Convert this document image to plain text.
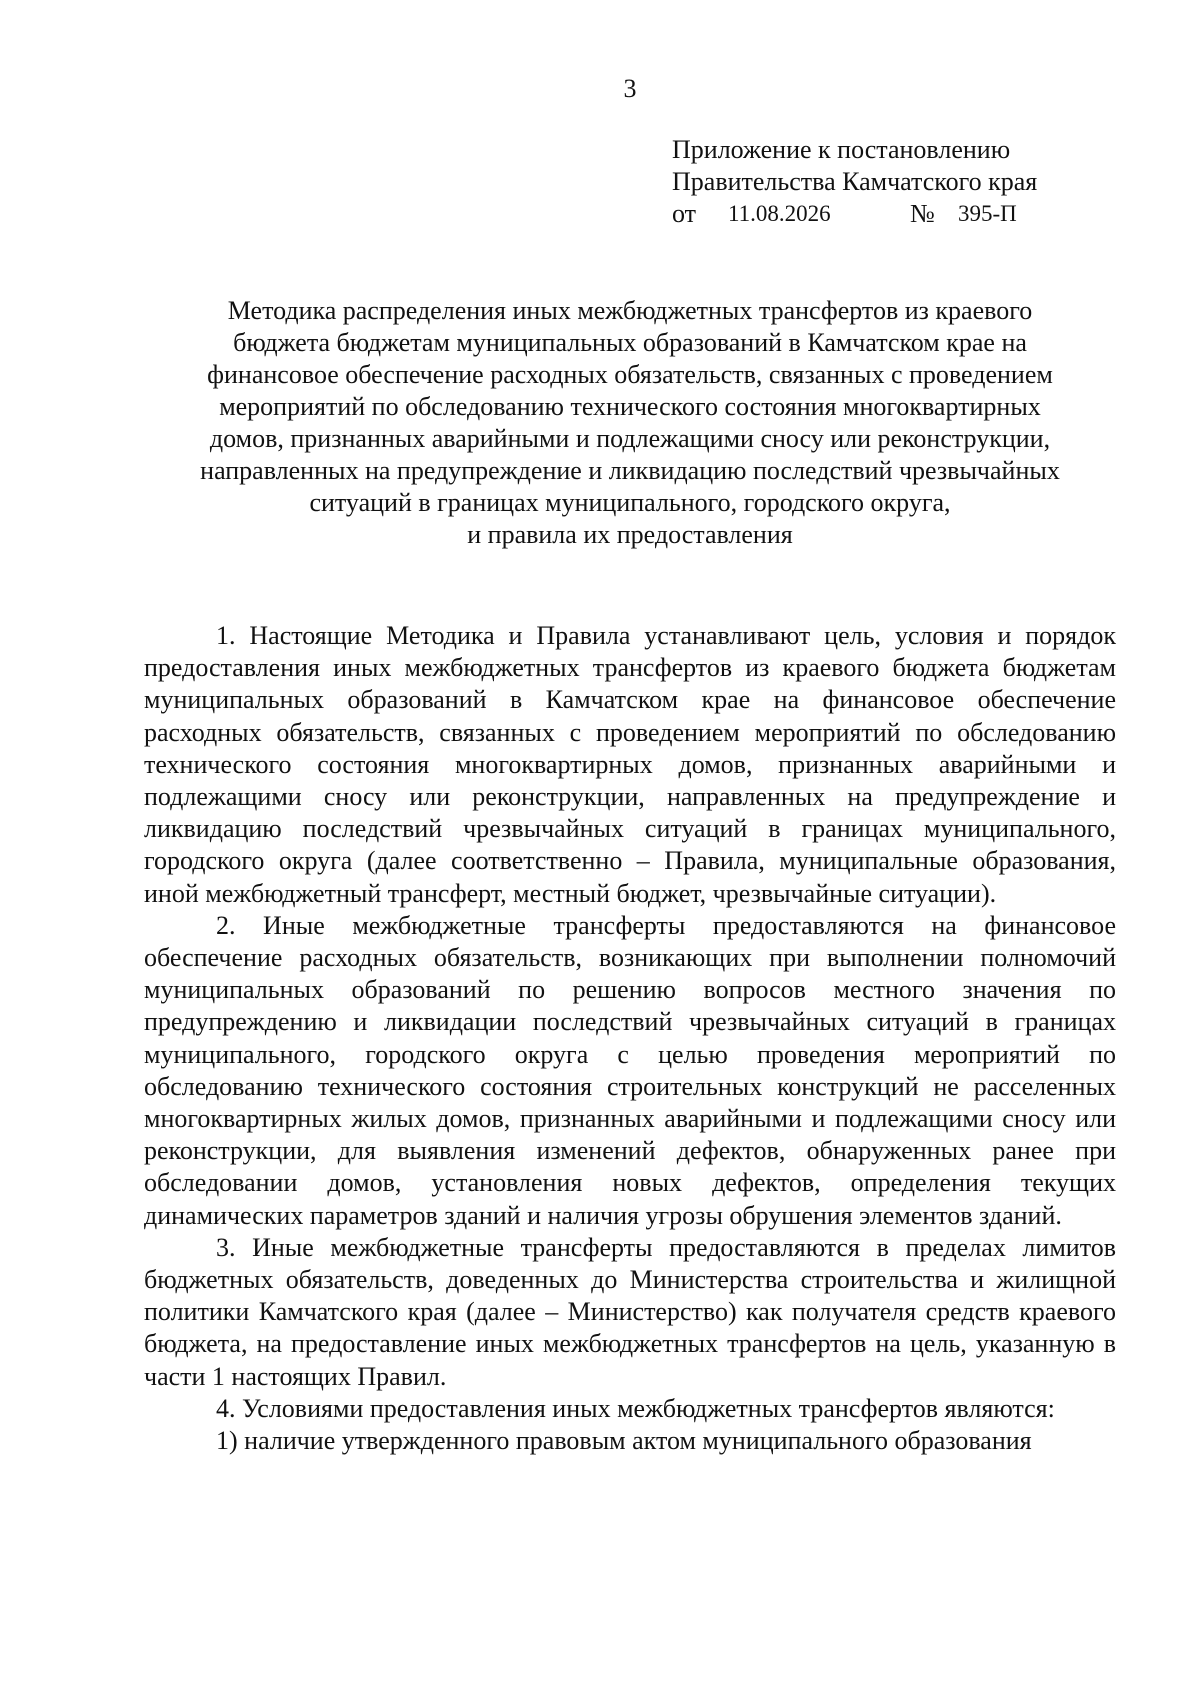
3
Приложение к постановлению
Правительства Камчатского края
от 11.08.2026	№ 395-П
Методика распределения иных межбюджетных трансфертов из краевого
бюджета бюджетам муниципальных образований в Камчатском крае на
финансовое обеспечение расходных обязательств, связанных с проведением
мероприятий по обследованию технического состояния многоквартирных
домов, признанных аварийными и подлежащими сносу или реконструкции,
направленных на предупреждение и ликвидацию последствий чрезвычайных
ситуаций в границах муниципального, городского округа,
и правила их предоставления

1. Настоящие Методика и Правила устанавливают цель, условия и порядок предоставления иных межбюджетных трансфертов из краевого бюджета бюджетам муниципальных образований в Камчатском крае на финансовое обеспечение расходных обязательств, связанных с проведением мероприятий по обследованию технического состояния многоквартирных домов, признанных аварийными и подлежащими сносу или реконструкции, направленных на предупреждение и ликвидацию последствий чрезвычайных ситуаций в границах муниципального, городского округа (далее соответственно – Правила, муниципальные образования, иной межбюджетный трансферт, местный бюджет, чрезвычайные ситуации).

2. Иные межбюджетные трансферты предоставляются на финансовое обеспечение расходных обязательств, возникающих при выполнении полномочий муниципальных образований по решению вопросов местного значения по предупреждению и ликвидации последствий чрезвычайных ситуаций в границах муниципального, городского округа с целью проведения мероприятий по обследованию технического состояния строительных конструкций не расселенных многоквартирных жилых домов, признанных аварийными и подлежащими сносу или реконструкции, для выявления изменений дефектов, обнаруженных ранее при обследовании домов, установления новых дефектов, определения текущих динамических параметров зданий и наличия угрозы обрушения элементов зданий.

3. Иные межбюджетные трансферты предоставляются в пределах лимитов бюджетных обязательств, доведенных до Министерства строительства и жилищной политики Камчатского края (далее – Министерство) как получателя средств краевого бюджета, на предоставление иных межбюджетных трансфертов на цель, указанную в части 1 настоящих Правил.

4. Условиями предоставления иных межбюджетных трансфертов являются:

1) наличие утвержденного правовым актом муниципального образования
